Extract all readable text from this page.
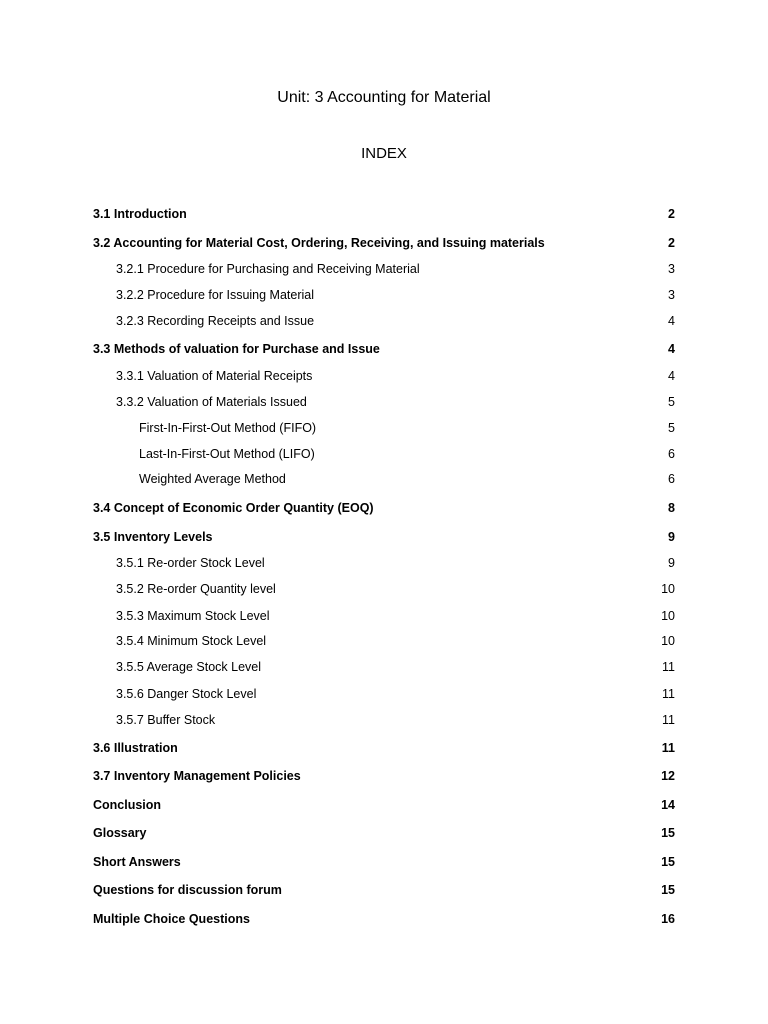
Unit: 3 Accounting for Material
INDEX
3.1 Introduction	2
3.2 Accounting for Material Cost, Ordering, Receiving, and Issuing materials	2
3.2.1 Procedure for Purchasing and Receiving Material	3
3.2.2 Procedure for Issuing Material	3
3.2.3 Recording Receipts and Issue	4
3.3 Methods of valuation for Purchase and Issue	4
3.3.1 Valuation of Material Receipts	4
3.3.2 Valuation of Materials Issued	5
First-In-First-Out Method (FIFO)	5
Last-In-First-Out Method (LIFO)	6
Weighted Average Method	6
3.4 Concept of Economic Order Quantity (EOQ)	8
3.5 Inventory Levels	9
3.5.1 Re-order Stock Level	9
3.5.2 Re-order Quantity level	10
3.5.3 Maximum Stock Level	10
3.5.4 Minimum Stock Level	10
3.5.5 Average Stock Level	11
3.5.6 Danger Stock Level	11
3.5.7 Buffer Stock	11
3.6 Illustration	11
3.7 Inventory Management Policies	12
Conclusion	14
Glossary	15
Short Answers	15
Questions for discussion forum	15
Multiple Choice Questions	16
